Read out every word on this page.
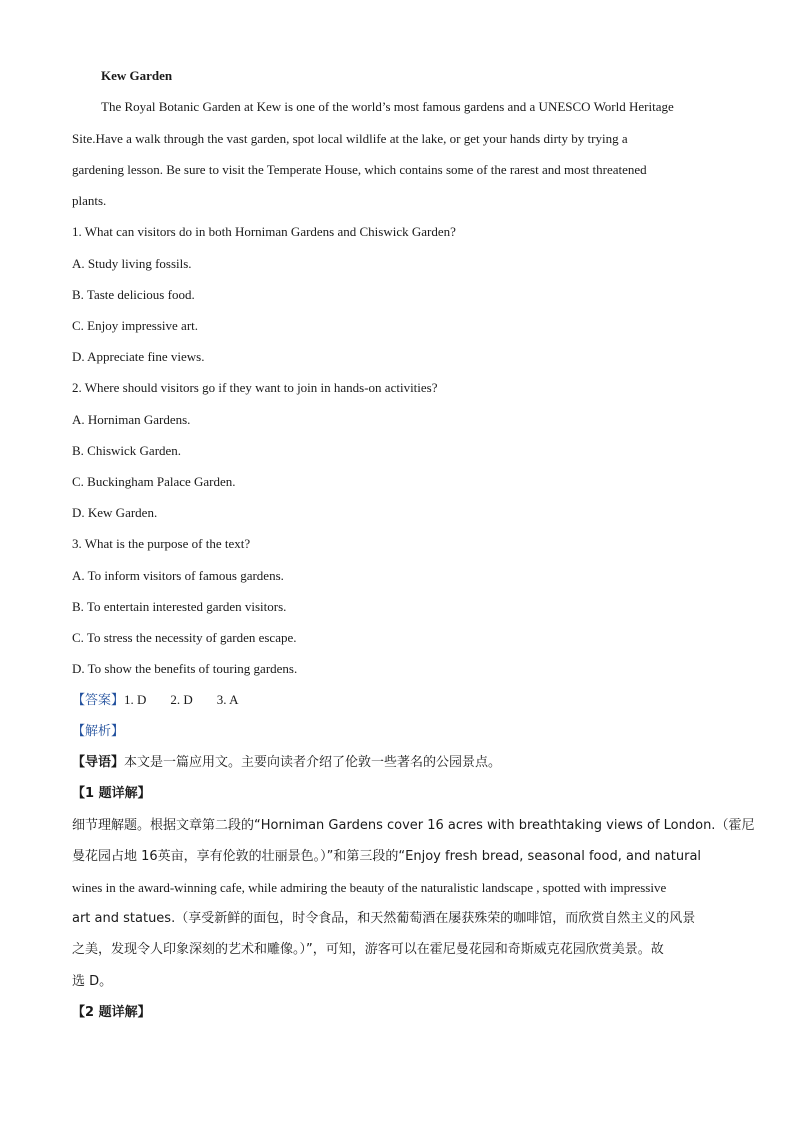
Kew Garden
The Royal Botanic Garden at Kew is one of the world’s most famous gardens and a UNESCO World Heritage
Site.Have a walk through the vast garden, spot local wildlife at the lake, or get your hands dirty by trying a
gardening lesson. Be sure to visit the Temperate House, which contains some of the rarest and most threatened
plants.
1. What can visitors do in both Horniman Gardens and Chiswick Garden?
A. Study living fossils.
B. Taste delicious food.
C. Enjoy impressive art.
D. Appreciate fine views.
2. Where should visitors go if they want to join in hands-on activities?
A. Horniman Gardens.
B. Chiswick Garden.
C. Buckingham Palace Garden.
D. Kew Garden.
3. What is the purpose of the text?
A. To inform visitors of famous gardens.
B. To entertain interested garden visitors.
C. To stress the necessity of garden escape.
D. To show the benefits of touring gardens.
【答案】1. D 2. D 3. A
【解析】
【导语】本文是一篇应用文。主要向读者介绍了伦敦一些著名的公园景点。
【1 题详解】
细节理解题。根据文章第二段的“Horniman Gardens cover 16 acres with breathtaking views of London.（霍尼
曼花园占地 16英亩，享有伦敦的壮丽景色。）”和第三段的“Enjoy fresh bread, seasonal food, and natural
wines in the award-winning cafe, while admiring the beauty of the naturalistic landscape , spotted with impressive
art and statues.（享受新鲜的面包，时令食品，和天然葡萄酒在屡获殊荣的咖啡馆，而欣赏自然主义的风景
之美，发现令人印象深刻的艺术和雕像。）”，可知，游客可以在霍尼曼花园和奇斯威克花园欣赏美景。故
选 D。
【2 题详解】
